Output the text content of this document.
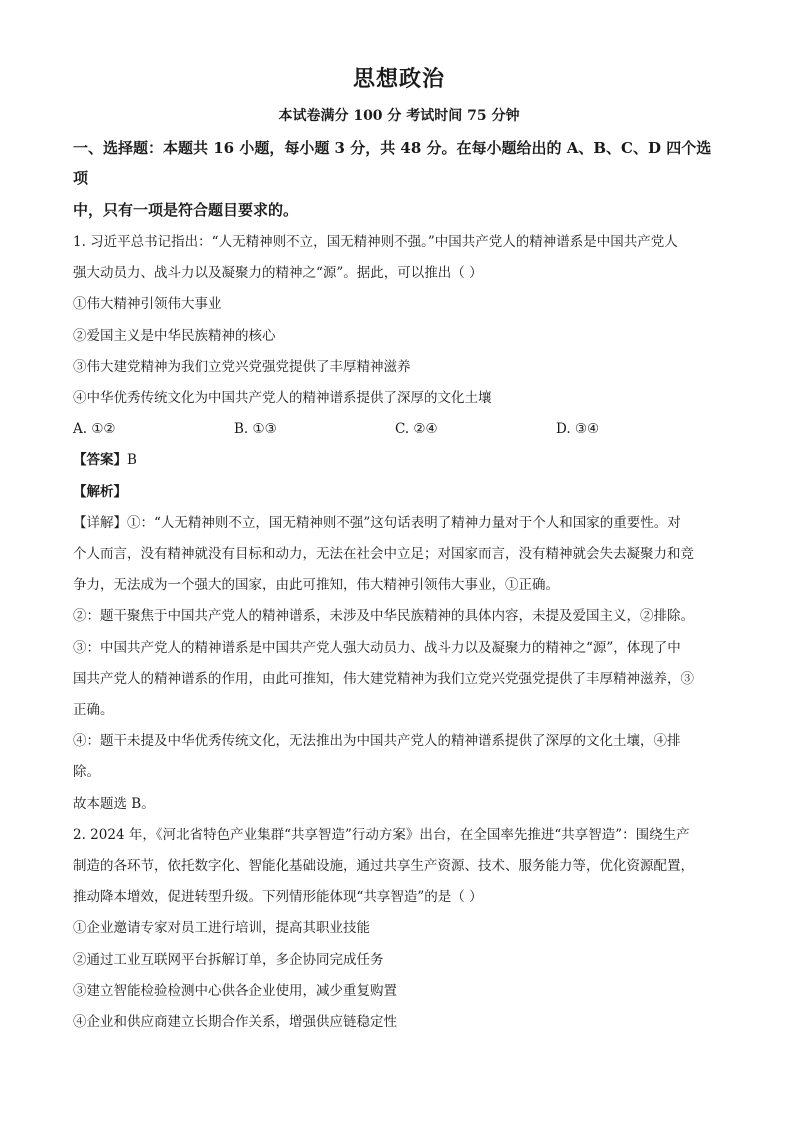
思想政治
本试卷满分 100 分 考试时间 75 分钟
一、选择题：本题共 16 小题，每小题 3 分，共 48 分。在每小题给出的 A、B、C、D 四个选项
中，只有一项是符合题目要求的。

1. 习近平总书记指出：“人无精神则不立，国无精神则不强。”中国共产党人的精神谱系是中国共产党人

强大动员力、战斗力以及凝聚力的精神之“源”。据此，可以推出（ ）

①伟大精神引领伟大事业

②爱国主义是中华民族精神的核心

③伟大建党精神为我们立党兴党强党提供了丰厚精神滋养

④中华优秀传统文化为中国共产党人的精神谱系提供了深厚的文化土壤

A. ①②	B. ①③	C. ②④	D. ③④

【答案】B

【解析】

【详解】①：“人无精神则不立，国无精神则不强”这句话表明了精神力量对于个人和国家的重要性。对

个人而言，没有精神就没有目标和动力，无法在社会中立足；对国家而言，没有精神就会失去凝聚力和竞

争力，无法成为一个强大的国家，由此可推知，伟大精神引领伟大事业，①正确。

②：题干聚焦于中国共产党人的精神谱系，未涉及中华民族精神的具体内容，未提及爱国主义，②排除。

③：中国共产党人的精神谱系是中国共产党人强大动员力、战斗力以及凝聚力的精神之“源”，体现了中

国共产党人的精神谱系的作用，由此可推知，伟大建党精神为我们立党兴党强党提供了丰厚精神滋养，③

正确。

④：题干未提及中华优秀传统文化，无法推出为中国共产党人的精神谱系提供了深厚的文化土壤，④排

除。

故本题选 B。

2. 2024 年，《河北省特色产业集群“共享智造”行动方案》出台，在全国率先推进“共享智造”：围绕生产

制造的各环节，依托数字化、智能化基础设施，通过共享生产资源、技术、服务能力等，优化资源配置，

推动降本增效，促进转型升级。下列情形能体现“共享智造”的是（ ）

①企业邀请专家对员工进行培训，提高其职业技能

②通过工业互联网平台拆解订单，多企协同完成任务

③建立智能检验检测中心供各企业使用，减少重复购置

④企业和供应商建立长期合作关系，增强供应链稳定性
